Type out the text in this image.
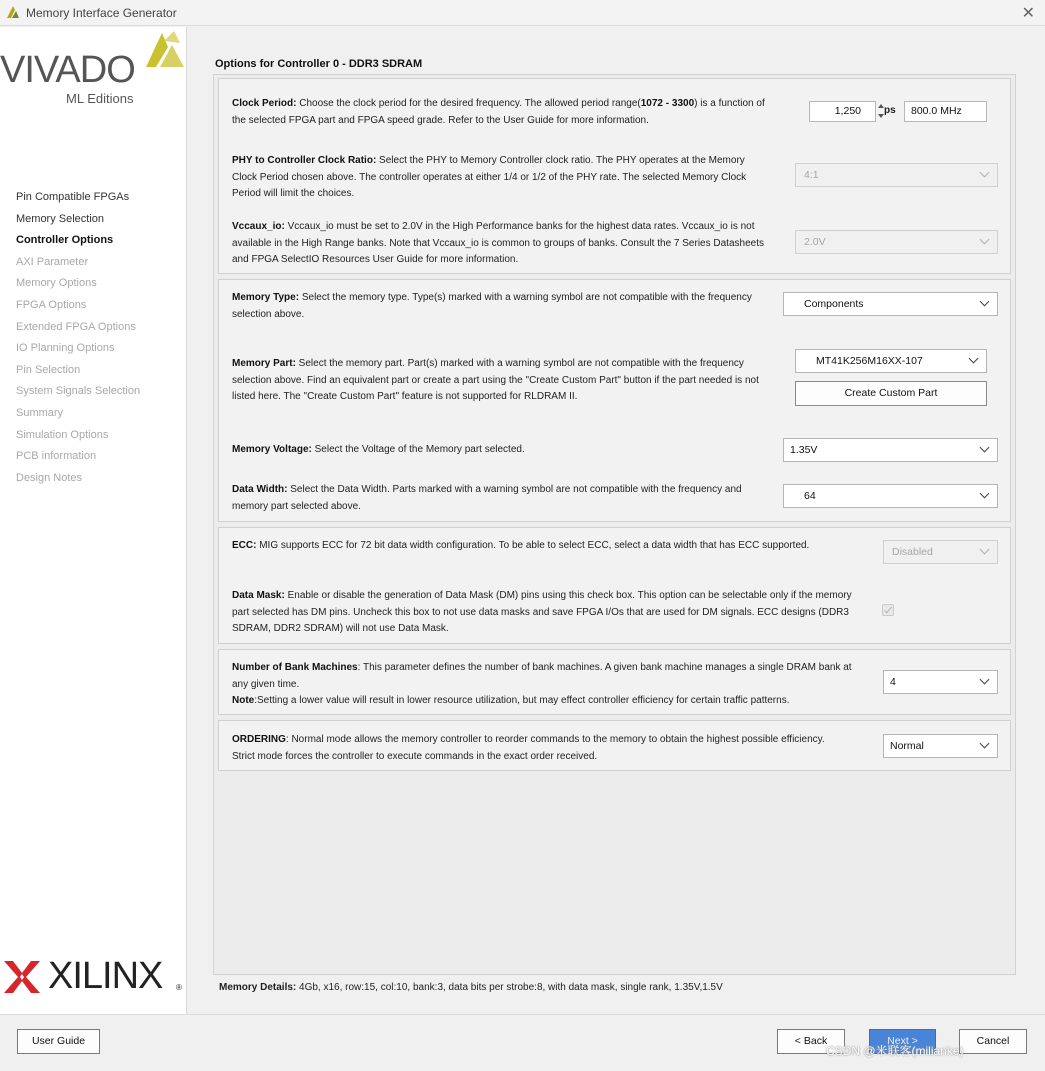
Memory Interface Generator	✕
VIVADO
ML Editions
Pin Compatible FPGAs
Memory Selection
Controller Options
AXI Parameter
Memory Options
FPGA Options
Extended FPGA Options
IO Planning Options
Pin Selection
System Signals Selection
Summary
Simulation Options
PCB information
Design Notes
XILINX ®
Options for Controller 0 - DDR3 SDRAM
Clock Period: Choose the clock period for the desired frequency. The allowed period range(1072 - 3300) is a function of the selected FPGA part and FPGA speed grade. Refer to the User Guide for more information.
1,250	ps	800.0 MHz
PHY to Controller Clock Ratio: Select the PHY to Memory Controller clock ratio. The PHY operates at the Memory Clock Period chosen above. The controller operates at either 1/4 or 1/2 of the PHY rate. The selected Memory Clock Period will limit the choices.
4:1
Vccaux_io: Vccaux_io must be set to 2.0V in the High Performance banks for the highest data rates. Vccaux_io is not available in the High Range banks. Note that Vccaux_io is common to groups of banks. Consult the 7 Series Datasheets and FPGA SelectIO Resources User Guide for more information.
2.0V
Memory Type: Select the memory type. Type(s) marked with a warning symbol are not compatible with the frequency selection above.
Components
Memory Part: Select the memory part. Part(s) marked with a warning symbol are not compatible with the frequency selection above. Find an equivalent part or create a part using the "Create Custom Part" button if the part needed is not listed here. The "Create Custom Part" feature is not supported for RLDRAM II.
MT41K256M16XX-107
Create Custom Part
Memory Voltage: Select the Voltage of the Memory part selected.	1.35V
Data Width: Select the Data Width. Parts marked with a warning symbol are not compatible with the frequency and memory part selected above.
64
ECC: MIG supports ECC for 72 bit data width configuration. To be able to select ECC, select a data width that has ECC supported.
Disabled
Data Mask: Enable or disable the generation of Data Mask (DM) pins using this check box. This option can be selectable only if the memory part selected has DM pins. Uncheck this box to not use data masks and save FPGA I/Os that are used for DM signals. ECC designs (DDR3 SDRAM, DDR2 SDRAM) will not use Data Mask.
Number of Bank Machines: This parameter defines the number of bank machines. A given bank machine manages a single DRAM bank at any given time.
Note:Setting a lower value will result in lower resource utilization, but may effect controller efficiency for certain traffic patterns.
4
ORDERING: Normal mode allows the memory controller to reorder commands to the memory to obtain the highest possible efficiency. Strict mode forces the controller to execute commands in the exact order received.
Normal
Memory Details: 4Gb, x16, row:15, col:10, bank:3, data bits per strobe:8, with data mask, single rank, 1.35V,1.5V
User Guide	< Back	Next >	Cancel
CSDN @米联客(milianke)
